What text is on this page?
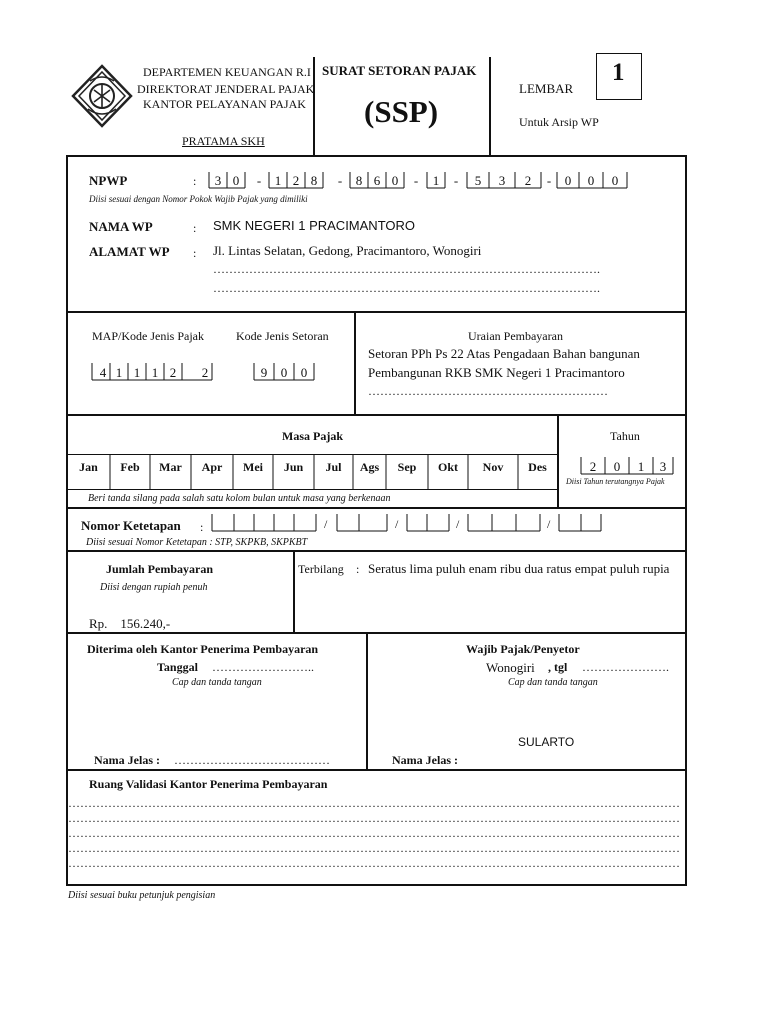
DEPARTEMEN KEUANGAN R.I
DIREKTORAT JENDERAL PAJAK
KANTOR PELAYANAN PAJAK
PRATAMA SKH
SURAT SETORAN PAJAK
(SSP)
LEMBAR
1
Untuk Arsip WP
NPWP	:	-	-	-	-	-
3 0	1 2 8	8 6 0	1	5 3 2	0 0 0
Diisi sesuai dengan Nomor Pokok Wajib Pajak yang dimiliki
NAMA WP	: SMK NEGERI 1 PRACIMANTORO
ALAMAT WP : Jl. Lintas Selatan, Gedong, Pracimantoro, Wonogiri
…………………………………………………………………………………….
…………………………………………………………………………………….
MAP/Kode Jenis Pajak	Kode Jenis Setoran
4 1 1 1 2 2	9 0 0
Uraian Pembayaran
Setoran PPh Ps 22 Atas Pengadaan Bahan bangunan
Pembangunan RKB SMK Negeri 1 Pracimantoro
……………………………………………………
Masa Pajak	Tahun
Jan	Feb	Mar	Apr	Mei	Jun	Jul	Ags	Sep	Okt	Nov	Des
Beri tanda silang pada salah satu kolom bulan untuk masa yang berkenaan
2 0 1 3
Diisi Tahun terutangnya Pajak
Nomor Ketetapan :	/	/	/	/
Diisi sesuai Nomor Ketetapan : STP, SKPKB, SKPKBT
Jumlah Pembayaran
Diisi dengan rupiah penuh
Rp.    156.240,-
Terbilang : Seratus lima puluh enam ribu dua ratus empat puluh rupia
Diterima oleh Kantor Penerima Pembayaran
Tanggal ……………………..
Cap dan tanda tangan
Nama Jelas : …………………………………
Wajib Pajak/Penyetor
Wonogiri , tgl ………………….
Cap dan tanda tangan
SULARTO
Nama Jelas :
Ruang Validasi Kantor Penerima Pembayaran
………………………………………………………………………………………………………………………………………
………………………………………………………………………………………………………………………………………
………………………………………………………………………………………………………………………………………
………………………………………………………………………………………………………………………………………
………………………………………………………………………………………………………………………………………
Diisi sesuai buku petunjuk pengisian
